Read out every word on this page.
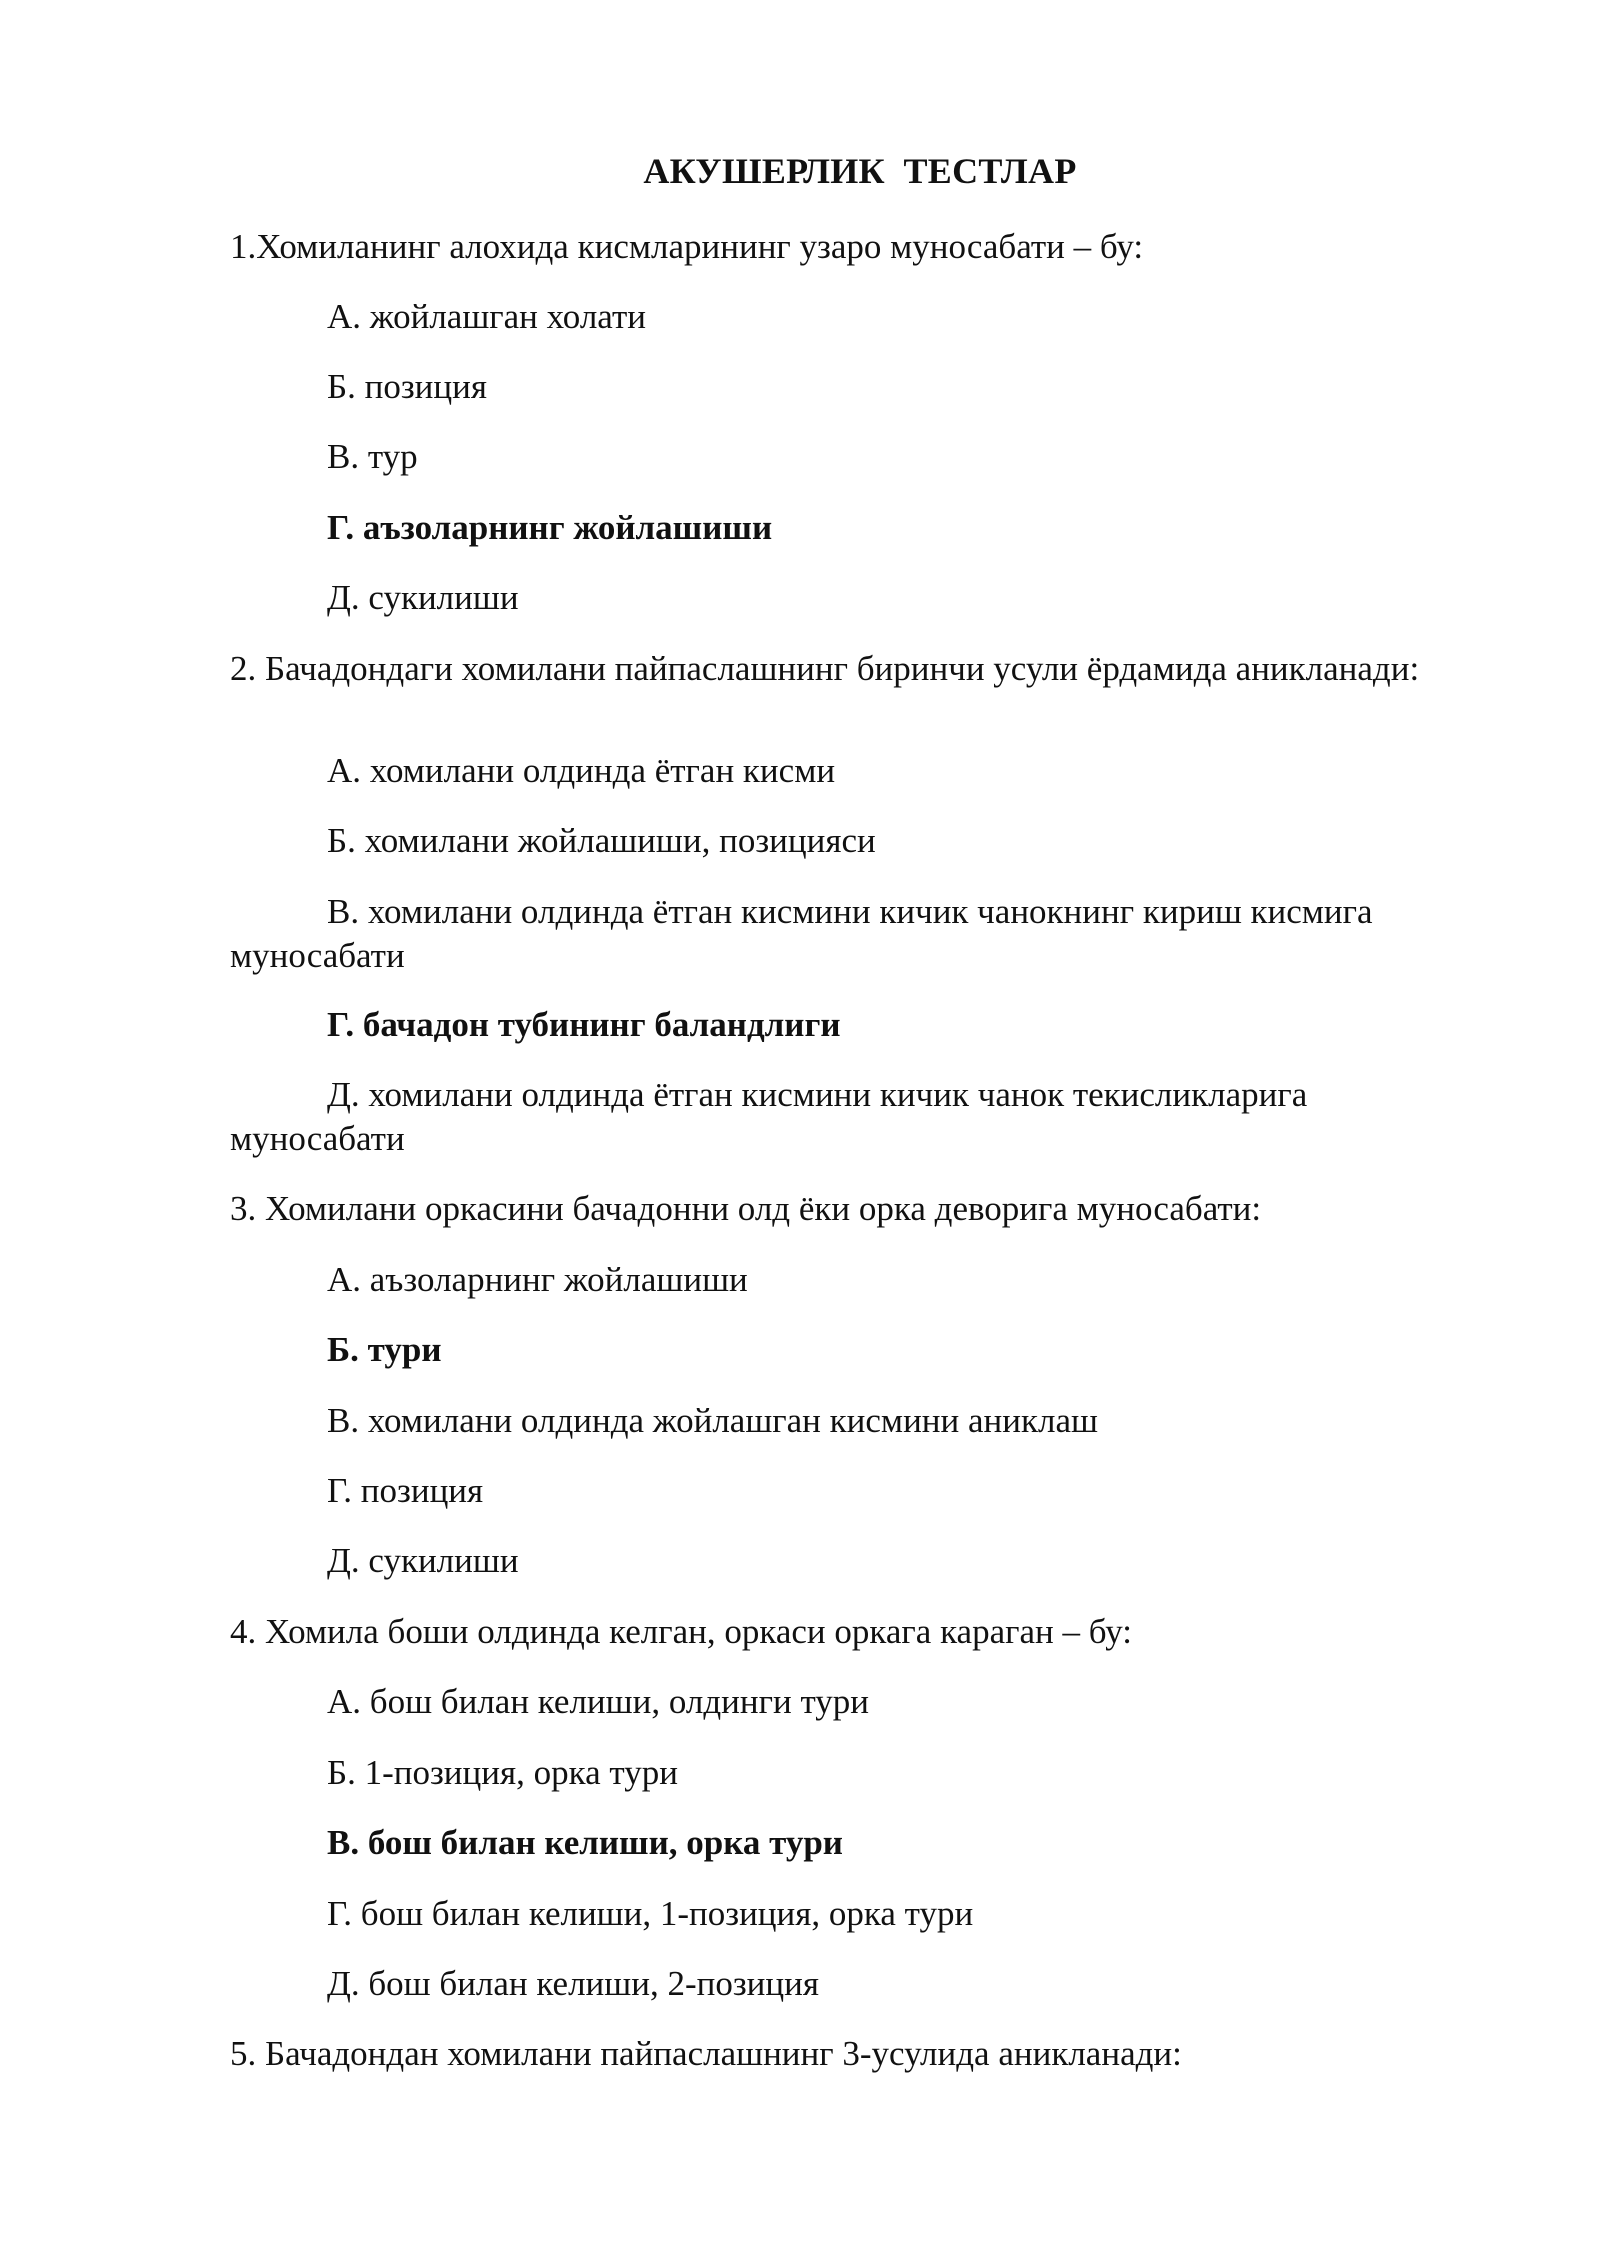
АКУШЕРЛИК  ТЕСТЛАР
1.Хомиланинг алохида кисмларининг узаро муносабати – бу:
А. жойлашган холати
Б. позиция
В. тур
Г. аъзоларнинг жойлашиши
Д. сукилиши
2. Бачадондаги хомилани пайпаслашнинг биринчи усули ёрдамида аникланади:
А. хомилани олдинда ётган кисми
Б. хомилани жойлашиши, позицияси
В. хомилани олдинда ётган кисмини кичик чанокнинг кириш кисмига муносабати
Г. бачадон тубининг баландлиги
Д. хомилани олдинда ётган кисмини кичик чанок текисликларига муносабати
3. Хомилани оркасини бачадонни олд ёки орка деворига муносабати:
А. аъзоларнинг жойлашиши
Б. тури
В. хомилани олдинда жойлашган кисмини аниклаш
Г. позиция
Д. сукилиши
4. Хомила боши олдинда келган, оркаси оркага караган – бу:
А. бош билан келиши, олдинги тури
Б. 1-позиция, орка тури
В. бош билан келиши, орка тури
Г. бош билан келиши, 1-позиция, орка тури
Д. бош билан келиши, 2-позиция
5. Бачадондан хомилани пайпаслашнинг 3-усулида аникланади:
